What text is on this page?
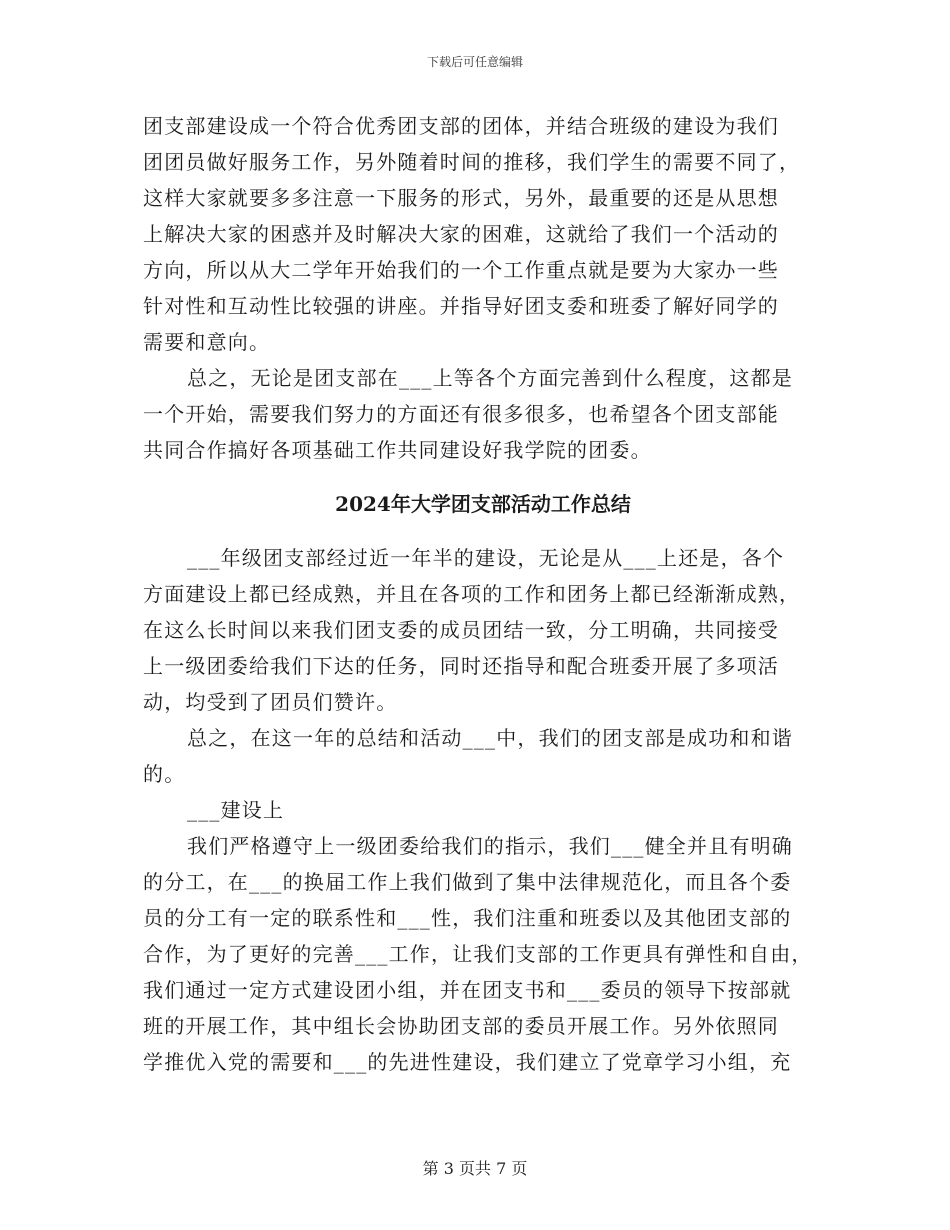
下载后可任意编辑
团支部建设成一个符合优秀团支部的团体，并结合班级的建设为我们
团团员做好服务工作，另外随着时间的推移，我们学生的需要不同了，
这样大家就要多多注意一下服务的形式，另外，最重要的还是从思想
上解决大家的困惑并及时解决大家的困难，这就给了我们一个活动的
方向，所以从大二学年开始我们的一个工作重点就是要为大家办一些
针对性和互动性比较强的讲座。并指导好团支委和班委了解好同学的
需要和意向。
总之，无论是团支部在___上等各个方面完善到什么程度，这都是
一个开始，需要我们努力的方面还有很多很多，也希望各个团支部能
共同合作搞好各项基础工作共同建设好我学院的团委。
2024年大学团支部活动工作总结
___年级团支部经过近一年半的建设，无论是从___上还是，各个
方面建设上都已经成熟，并且在各项的工作和团务上都已经渐渐成熟，
在这么长时间以来我们团支委的成员团结一致，分工明确，共同接受
上一级团委给我们下达的任务，同时还指导和配合班委开展了多项活
动，均受到了团员们赞许。
总之，在这一年的总结和活动___中，我们的团支部是成功和和谐
的。
___建设上
我们严格遵守上一级团委给我们的指示，我们___健全并且有明确
的分工，在___的换届工作上我们做到了集中法律规范化，而且各个委
员的分工有一定的联系性和___性，我们注重和班委以及其他团支部的
合作，为了更好的完善___工作，让我们支部的工作更具有弹性和自由，
我们通过一定方式建设团小组，并在团支书和___委员的领导下按部就
班的开展工作，其中组长会协助团支部的委员开展工作。另外依照同
学推优入党的需要和___的先进性建设，我们建立了党章学习小组，充
第 3 页共 7 页
